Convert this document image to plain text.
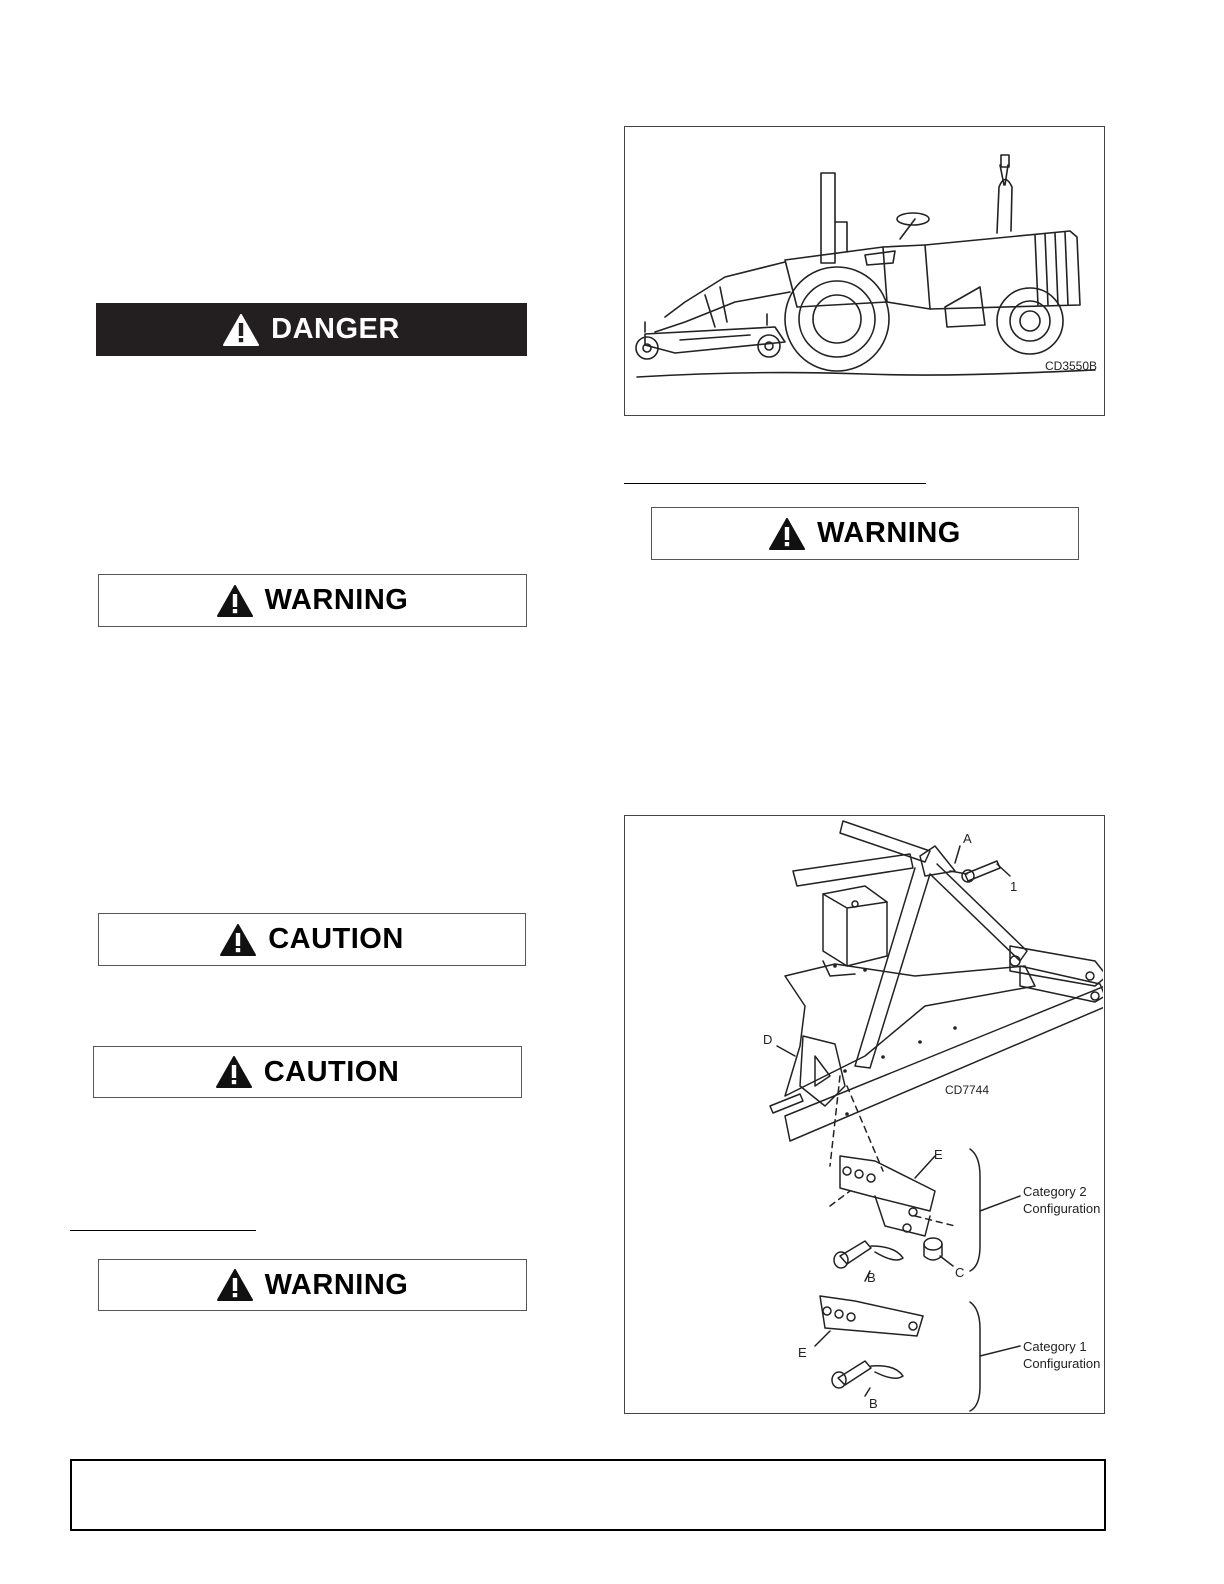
DANGER
WARNING
CAUTION
CAUTION
WARNING
CD3550B
WARNING
A
1
D
CD7744
E
Category 2
Configuration
B	C
Category 1
Configuration
E
B
